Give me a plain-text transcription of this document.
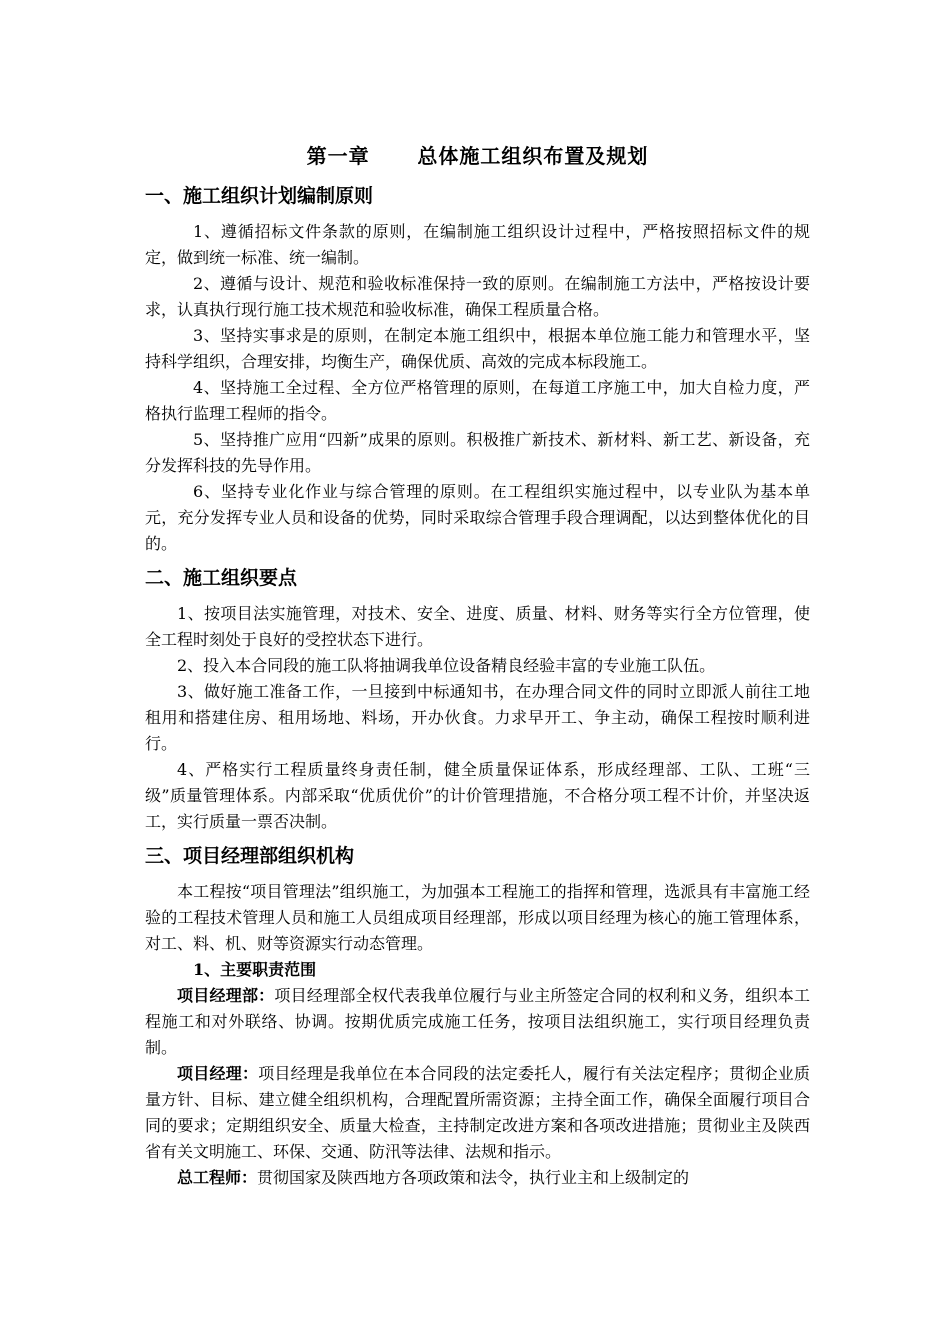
第一章      总体施工组织布置及规划
一、施工组织计划编制原则

1、遵循招标文件条款的原则，在编制施工组织设计过程中，严格按照招标文件的规定，做到统一标准、统一编制。

2、遵循与设计、规范和验收标准保持一致的原则。在编制施工方法中，严格按设计要求，认真执行现行施工技术规范和验收标准，确保工程质量合格。

3、坚持实事求是的原则，在制定本施工组织中，根据本单位施工能力和管理水平，坚持科学组织，合理安排，均衡生产，确保优质、高效的完成本标段施工。

4、坚持施工全过程、全方位严格管理的原则，在每道工序施工中，加大自检力度，严格执行监理工程师的指令。

5、坚持推广应用“四新”成果的原则。积极推广新技术、新材料、新工艺、新设备，充分发挥科技的先导作用。

6、坚持专业化作业与综合管理的原则。在工程组织实施过程中，以专业队为基本单元，充分发挥专业人员和设备的优势，同时采取综合管理手段合理调配，以达到整体优化的目的。

二、施工组织要点

1、按项目法实施管理，对技术、安全、进度、质量、材料、财务等实行全方位管理，使全工程时刻处于良好的受控状态下进行。

2、投入本合同段的施工队将抽调我单位设备精良经验丰富的专业施工队伍。

3、做好施工准备工作，一旦接到中标通知书，在办理合同文件的同时立即派人前往工地租用和搭建住房、租用场地、料场，开办伙食。力求早开工、争主动，确保工程按时顺利进行。

4、严格实行工程质量终身责任制，健全质量保证体系，形成经理部、工队、工班“三级”质量管理体系。内部采取“优质优价”的计价管理措施，不合格分项工程不计价，并坚决返工，实行质量一票否决制。

三、项目经理部组织机构

本工程按“项目管理法”组织施工，为加强本工程施工的指挥和管理，选派具有丰富施工经验的工程技术管理人员和施工人员组成项目经理部，形成以项目经理为核心的施工管理体系，对工、料、机、财等资源实行动态管理。

1、主要职责范围

项目经理部：项目经理部全权代表我单位履行与业主所签定合同的权利和义务，组织本工程施工和对外联络、协调。按期优质完成施工任务，按项目法组织施工，实行项目经理负责制。

项目经理：项目经理是我单位在本合同段的法定委托人，履行有关法定程序；贯彻企业质量方针、目标、建立健全组织机构，合理配置所需资源；主持全面工作，确保全面履行项目合同的要求；定期组织安全、质量大检查，主持制定改进方案和各项改进措施；贯彻业主及陕西省有关文明施工、环保、交通、防汛等法律、法规和指示。

总工程师：贯彻国家及陕西地方各项政策和法令，执行业主和上级制定的
